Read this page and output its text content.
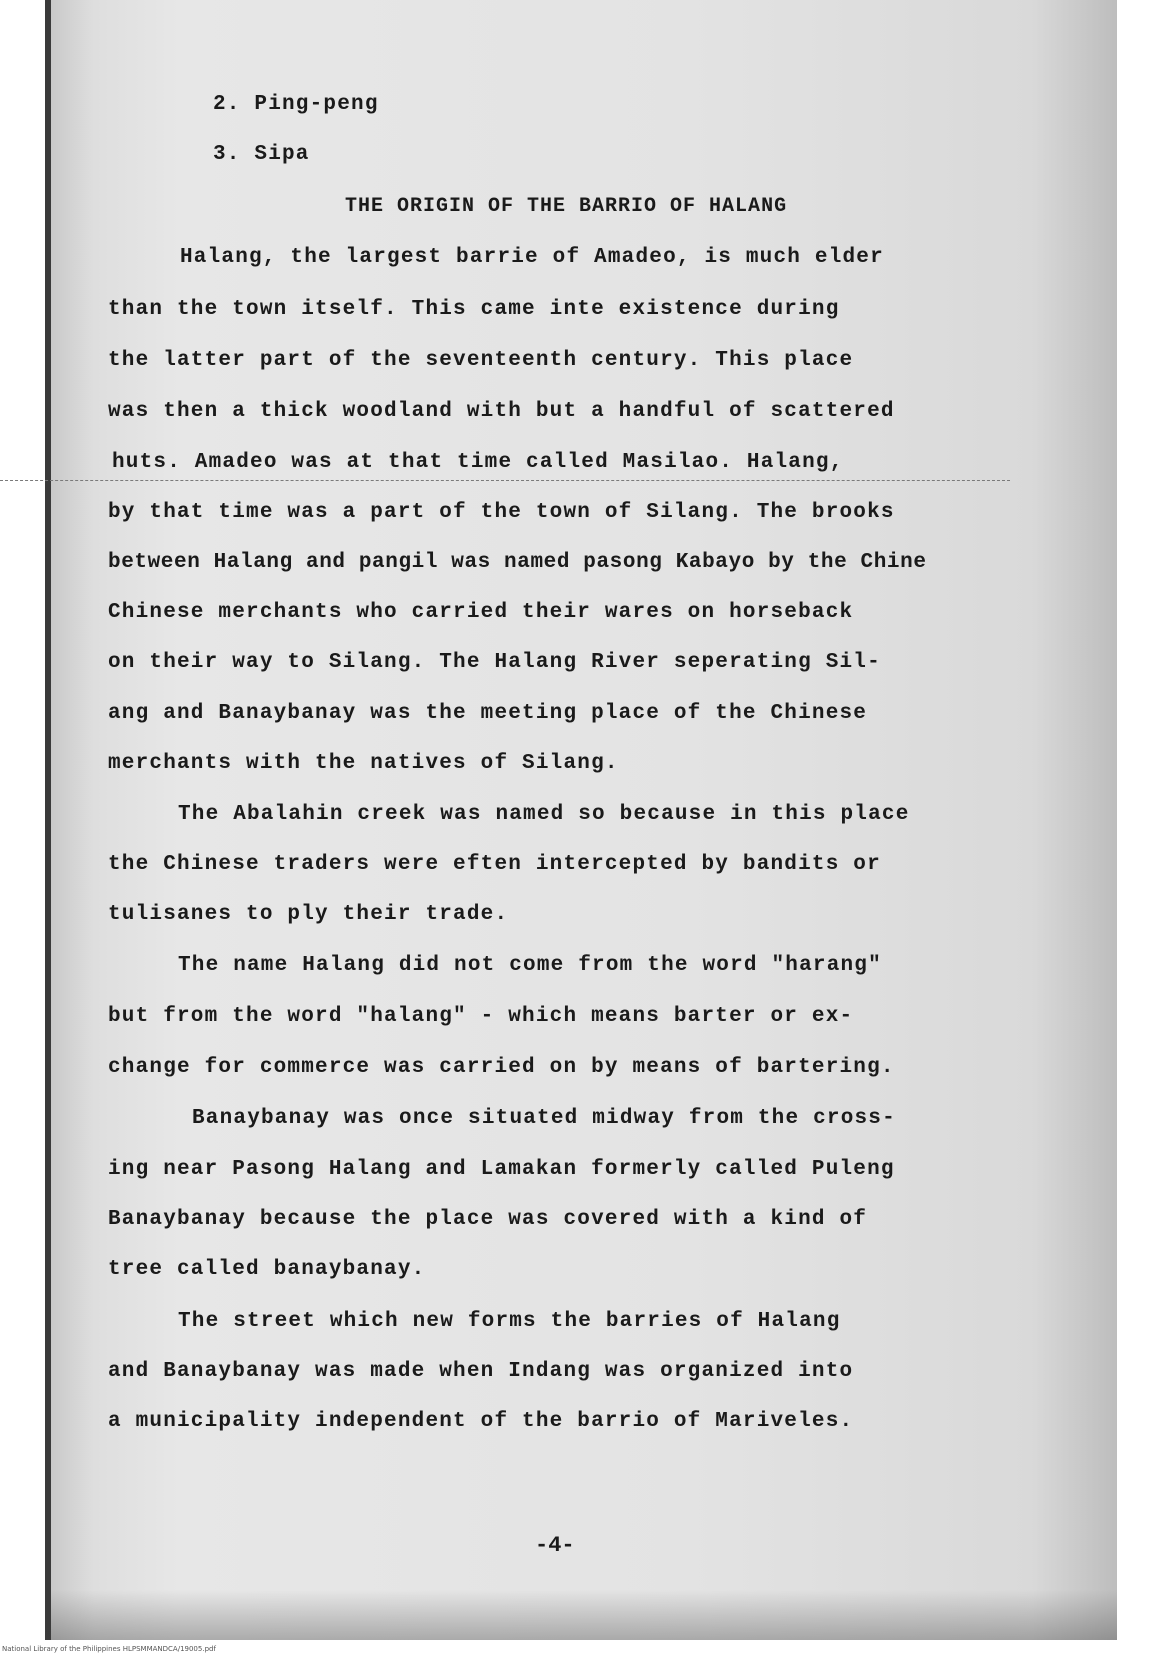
2. Ping-peng
3. Sipa
THE ORIGIN OF THE BARRIO OF HALANG
Halang, the largest barrie of Amadeo, is much elder
than the town itself. This came inte existence during
the latter part of the seventeenth century. This place
was then a thick woodland with but a handful of scattered
huts. Amadeo was at that time called Masilao. Halang,
by that time was a part of the town of Silang. The brooks
between Halang and pangil was named pasong Kabayo by the Chine
Chinese merchants who carried their wares on horseback
on their way to Silang. The Halang River seperating Sil-
ang and Banaybanay was the meeting place of the Chinese
merchants with the natives of Silang.
The Abalahin creek was named so because in this place
the Chinese traders were eften intercepted by bandits or
tulisanes to ply their trade.
The name Halang did not come from the word "harang"
but from the word "halang" - which means barter or ex-
change for commerce was carried on by means of bartering.
Banaybanay was once situated midway from the cross-
ing near Pasong Halang and Lamakan formerly called Puleng
Banaybanay because the place was covered with a kind of
tree called banaybanay.
The street which new forms the barries of Halang
and Banaybanay was made when Indang was organized into
a municipality independent of the barrio of Mariveles.
-4-
National Library of the Philippines HLPSMMANDCA/19005.pdf
